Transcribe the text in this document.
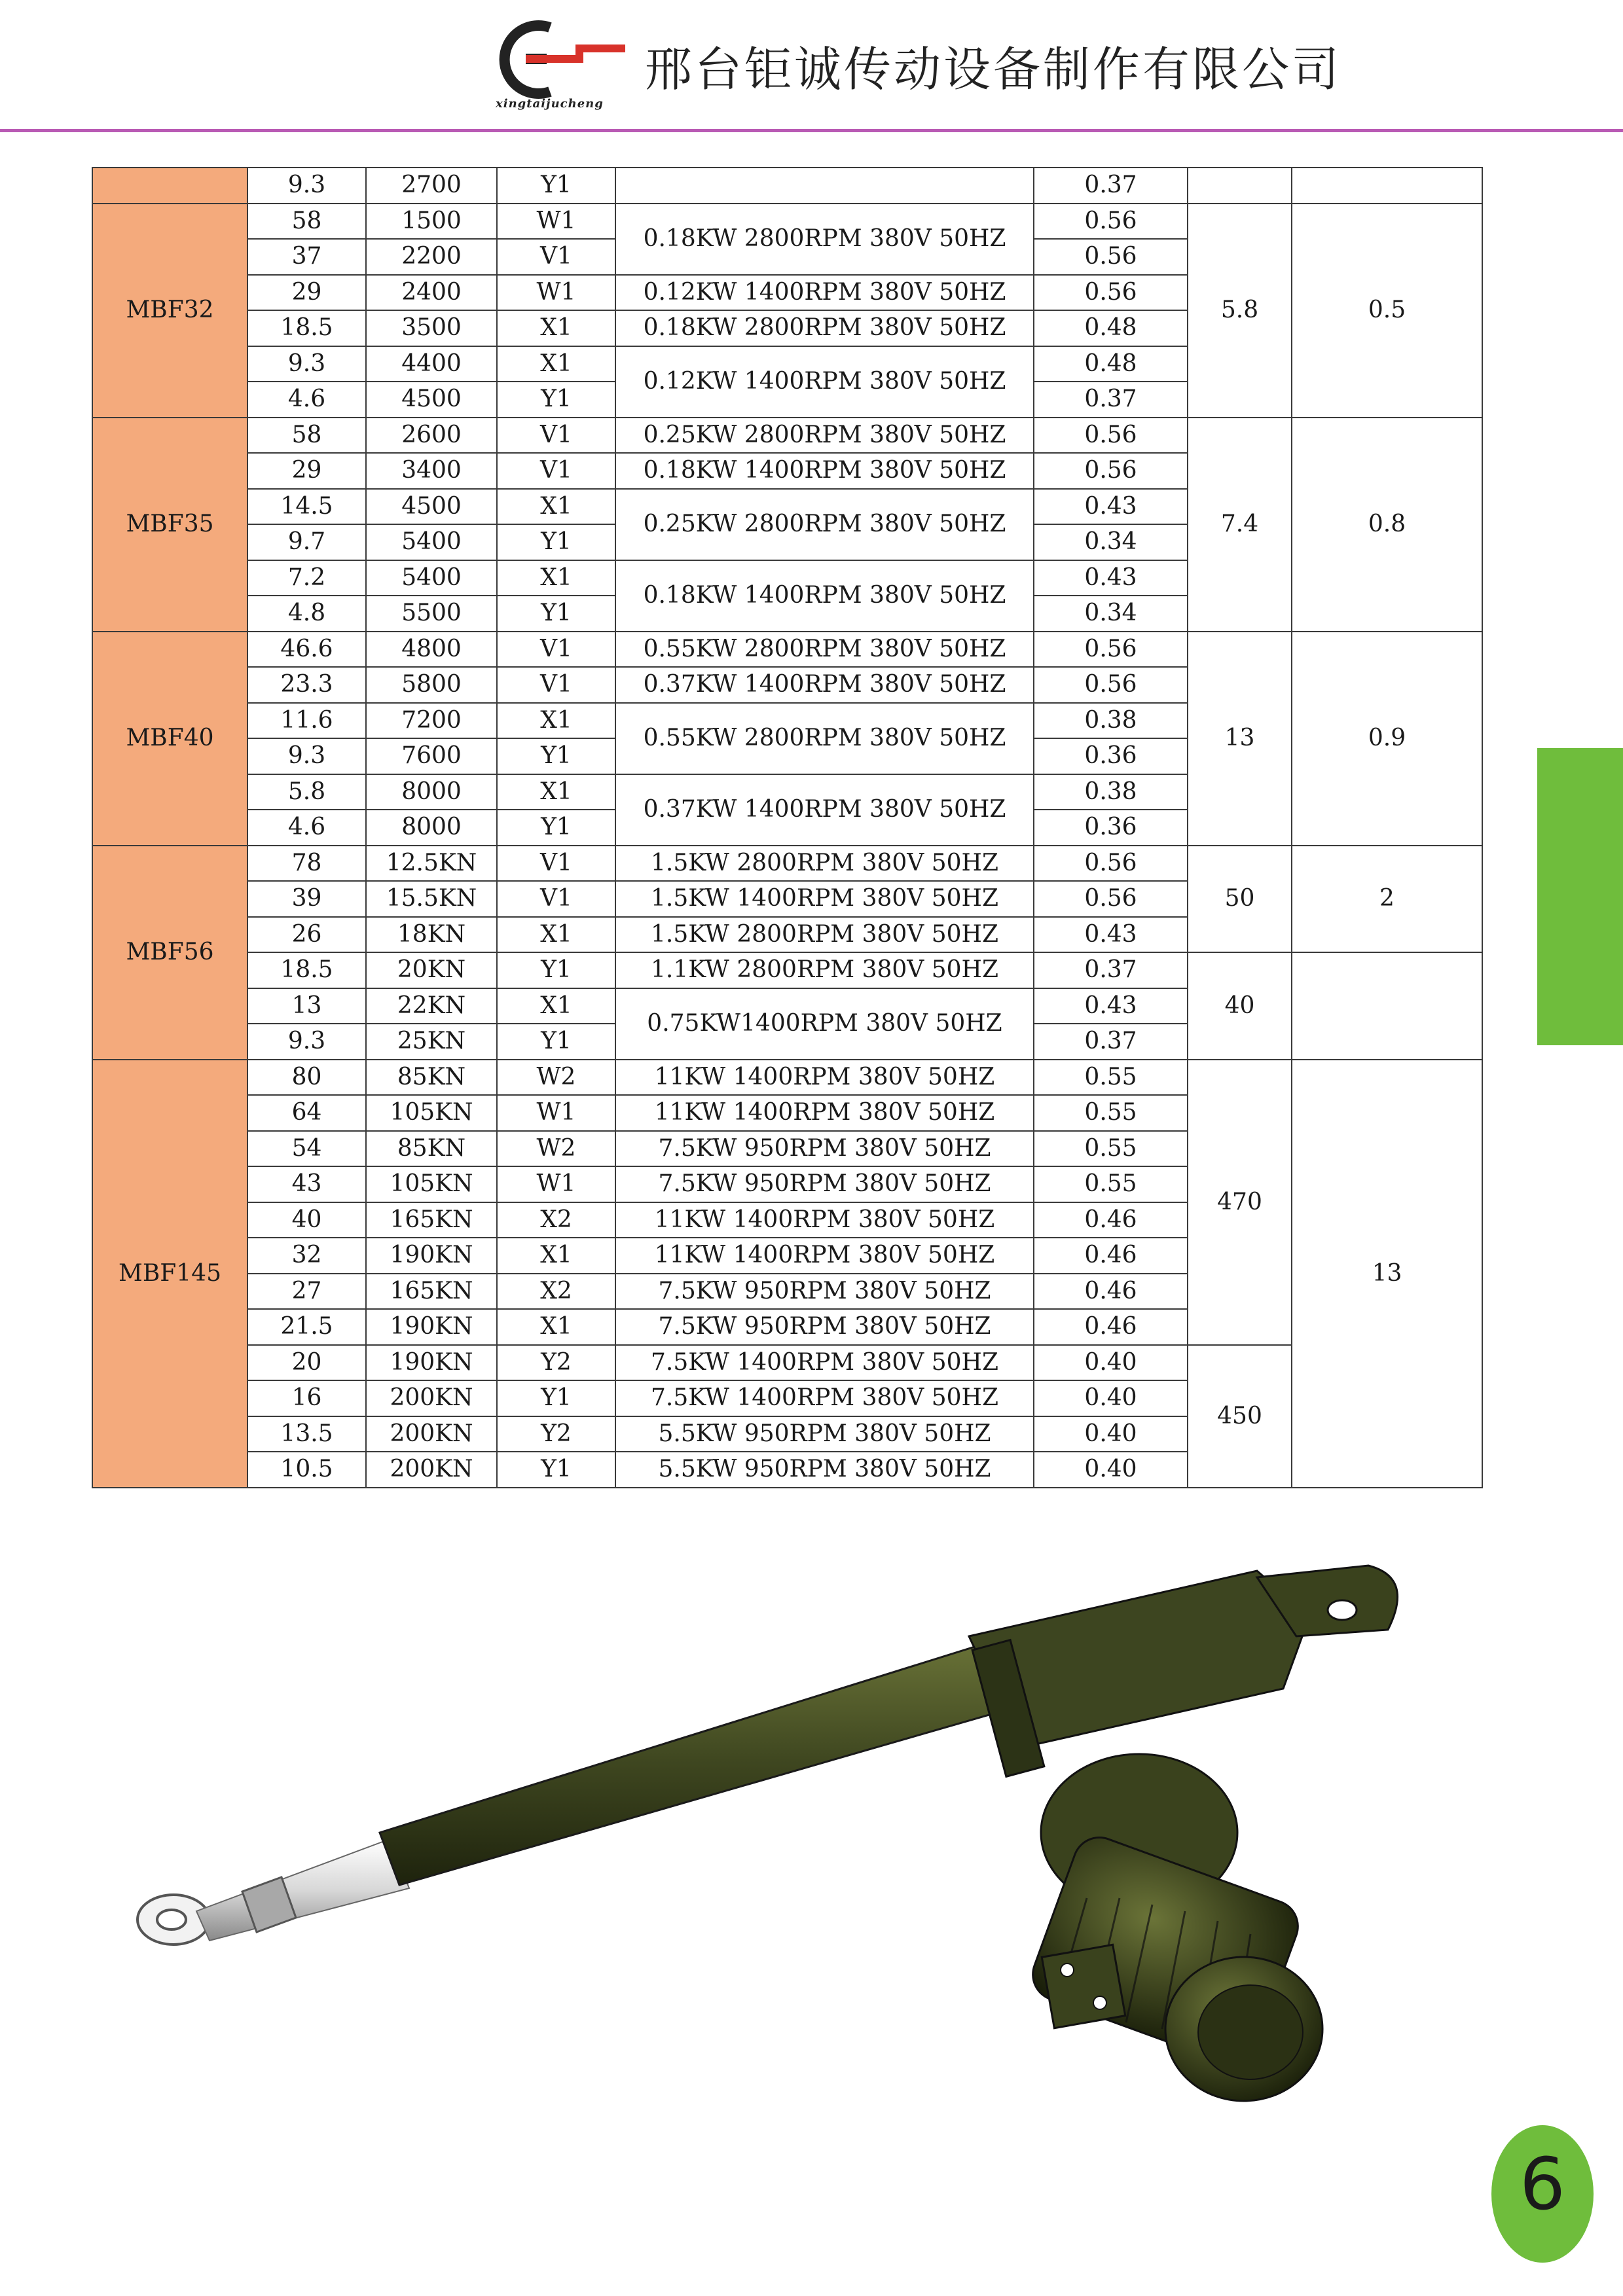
xingtaijucheng
邢台钜诚传动设备制作有限公司
	9.3	2700	Y1		0.37		
MBF32	58	1500	W1	0.18KW 2800RPM 380V 50HZ	0.56	5.8	0.5
	37	2200	V1		0.56		
	29	2400	W1	0.12KW 1400RPM 380V 50HZ	0.56		
	18.5	3500	X1	0.18KW 2800RPM 380V 50HZ	0.48		
	9.3	4400	X1	0.12KW 1400RPM 380V 50HZ	0.48		
	4.6	4500	Y1		0.37		
MBF35	58	2600	V1	0.25KW 2800RPM 380V 50HZ	0.56	7.4	0.8
	29	3400	V1	0.18KW 1400RPM 380V 50HZ	0.56		
	14.5	4500	X1	0.25KW 2800RPM 380V 50HZ	0.43		
	9.7	5400	Y1		0.34		
	7.2	5400	X1	0.18KW 1400RPM 380V 50HZ	0.43		
	4.8	5500	Y1		0.34		
MBF40	46.6	4800	V1	0.55KW 2800RPM 380V 50HZ	0.56	13	0.9
	23.3	5800	V1	0.37KW 1400RPM 380V 50HZ	0.56		
	11.6	7200	X1	0.55KW 2800RPM 380V 50HZ	0.38		
	9.3	7600	Y1		0.36		
	5.8	8000	X1	0.37KW 1400RPM 380V 50HZ	0.38		
	4.6	8000	Y1		0.36		
MBF56	78	12.5KN	V1	1.5KW 2800RPM 380V 50HZ	0.56	50	2
	39	15.5KN	V1	1.5KW 1400RPM 380V 50HZ	0.56		
	26	18KN	X1	1.5KW 2800RPM 380V 50HZ	0.43		
	18.5	20KN	Y1	1.1KW 2800RPM 380V 50HZ	0.37	40	
	13	22KN	X1	0.75KW1400RPM 380V 50HZ	0.43		
	9.3	25KN	Y1		0.37		
MBF145	80	85KN	W2	11KW 1400RPM 380V 50HZ	0.55	470	13
	64	105KN	W1	11KW 1400RPM 380V 50HZ	0.55		
	54	85KN	W2	7.5KW 950RPM 380V 50HZ	0.55		
	43	105KN	W1	7.5KW 950RPM 380V 50HZ	0.55		
	40	165KN	X2	11KW 1400RPM 380V 50HZ	0.46		
	32	190KN	X1	11KW 1400RPM 380V 50HZ	0.46		
	27	165KN	X2	7.5KW 950RPM 380V 50HZ	0.46		
	21.5	190KN	X1	7.5KW 950RPM 380V 50HZ	0.46		
	20	190KN	Y2	7.5KW 1400RPM 380V 50HZ	0.40	450	
	16	200KN	Y1	7.5KW 1400RPM 380V 50HZ	0.40		
	13.5	200KN	Y2	5.5KW 950RPM 380V 50HZ	0.40		
	10.5	200KN	Y1	5.5KW 950RPM 380V 50HZ	0.40		
6
